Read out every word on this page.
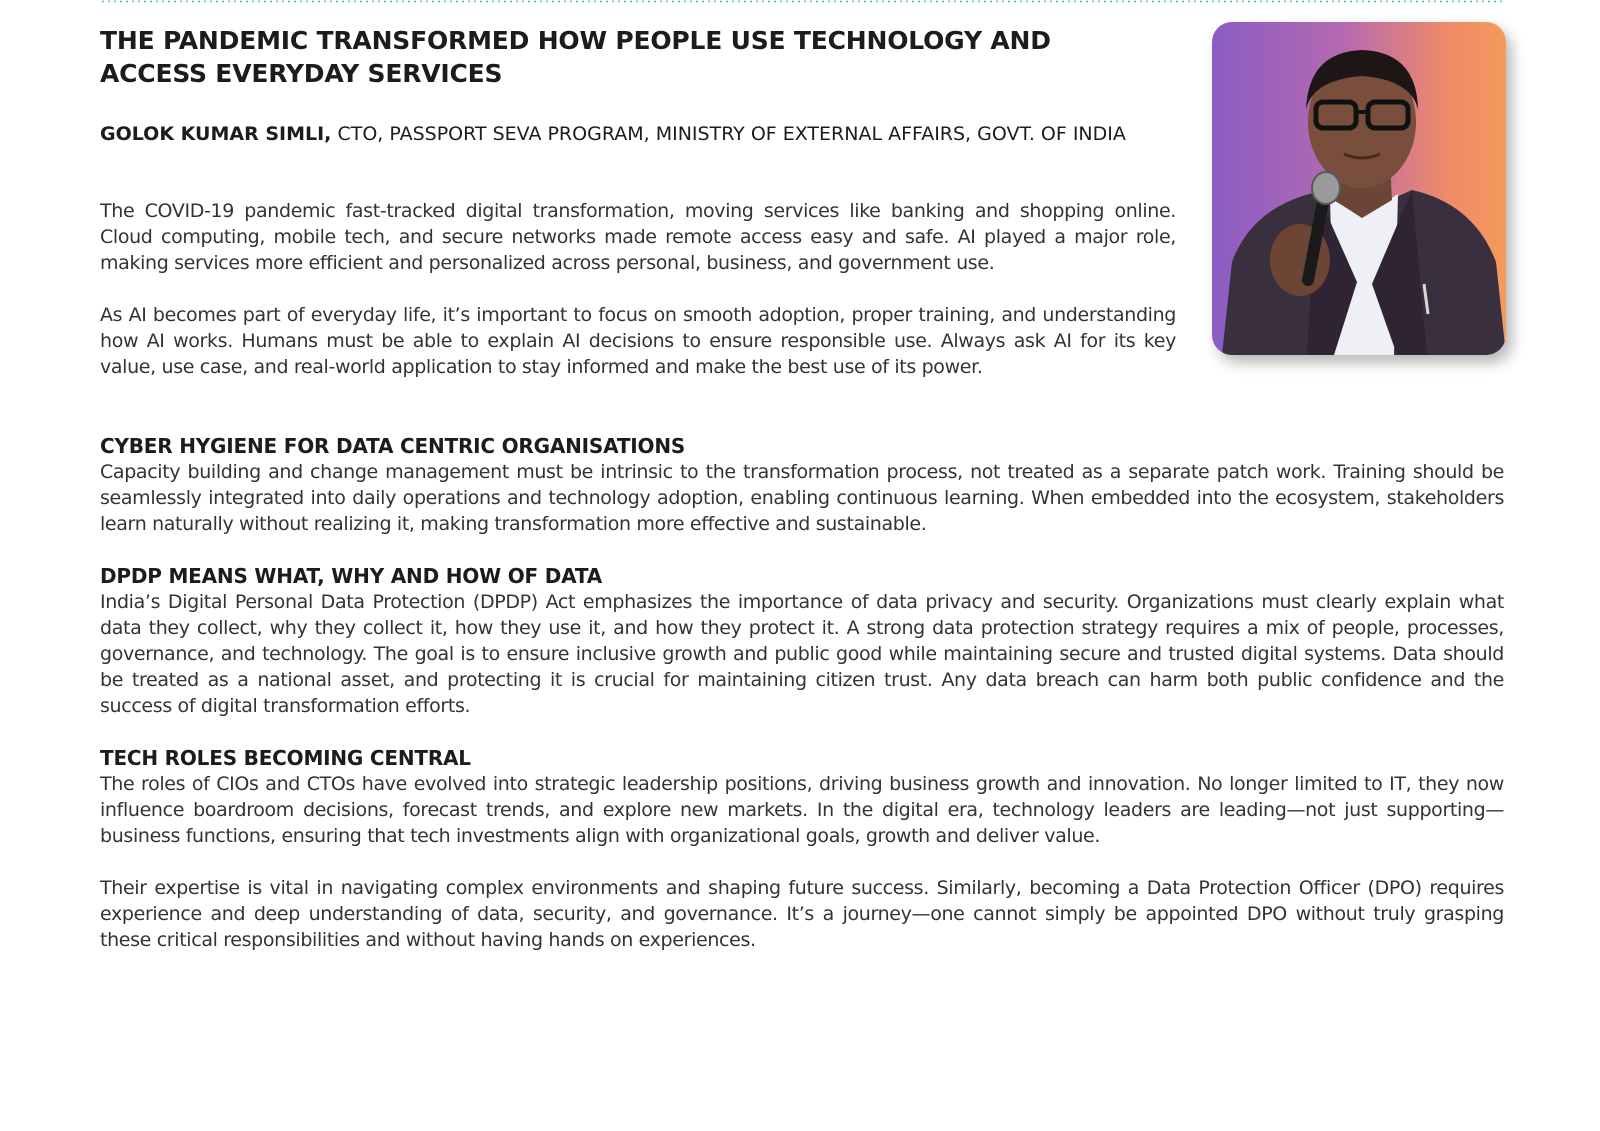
THE PANDEMIC TRANSFORMED HOW PEOPLE USE TECHNOLOGY AND ACCESS EVERYDAY SERVICES

GOLOK KUMAR SIMLI, CTO, PASSPORT SEVA PROGRAM, MINISTRY OF EXTERNAL AFFAIRS, GOVT. OF INDIA

The COVID-19 pandemic fast-tracked digital transformation, moving services like banking and shopping online. Cloud computing, mobile tech, and secure networks made remote access easy and safe. AI played a major role, making services more efficient and personalized across personal, business, and government use.

As AI becomes part of everyday life, it’s important to focus on smooth adoption, proper training, and understanding how AI works. Humans must be able to explain AI decisions to ensure responsible use. Always ask AI for its key value, use case, and real-world application to stay informed and make the best use of its power.

CYBER HYGIENE FOR DATA CENTRIC ORGANISATIONS

Capacity building and change management must be intrinsic to the transformation process, not treated as a separate patch work. Training should be seamlessly integrated into daily operations and technology adoption, enabling continuous learning. When embedded into the ecosystem, stakeholders learn naturally without realizing it, making transformation more effective and sustainable.

DPDP MEANS WHAT, WHY AND HOW OF DATA

India’s Digital Personal Data Protection (DPDP) Act emphasizes the importance of data privacy and security. Organizations must clearly explain what data they collect, why they collect it, how they use it, and how they protect it. A strong data protection strategy requires a mix of people, processes, governance, and technology. The goal is to ensure inclusive growth and public good while maintaining secure and trusted digital systems. Data should be treated as a national asset, and protecting it is crucial for maintaining citizen trust. Any data breach can harm both public confidence and the success of digital transformation efforts.

TECH ROLES BECOMING CENTRAL

The roles of CIOs and CTOs have evolved into strategic leadership positions, driving business growth and innovation. No longer limited to IT, they now influence boardroom decisions, forecast trends, and explore new markets. In the digital era, technology leaders are leading—not just supporting—business functions, ensuring that tech investments align with organizational goals, growth and deliver value.

Their expertise is vital in navigating complex environments and shaping future success. Similarly, becoming a Data Protection Officer (DPO) requires experience and deep understanding of data, security, and governance. It’s a journey—one cannot simply be appointed DPO without truly grasping these critical responsibilities and without having hands on experiences.
